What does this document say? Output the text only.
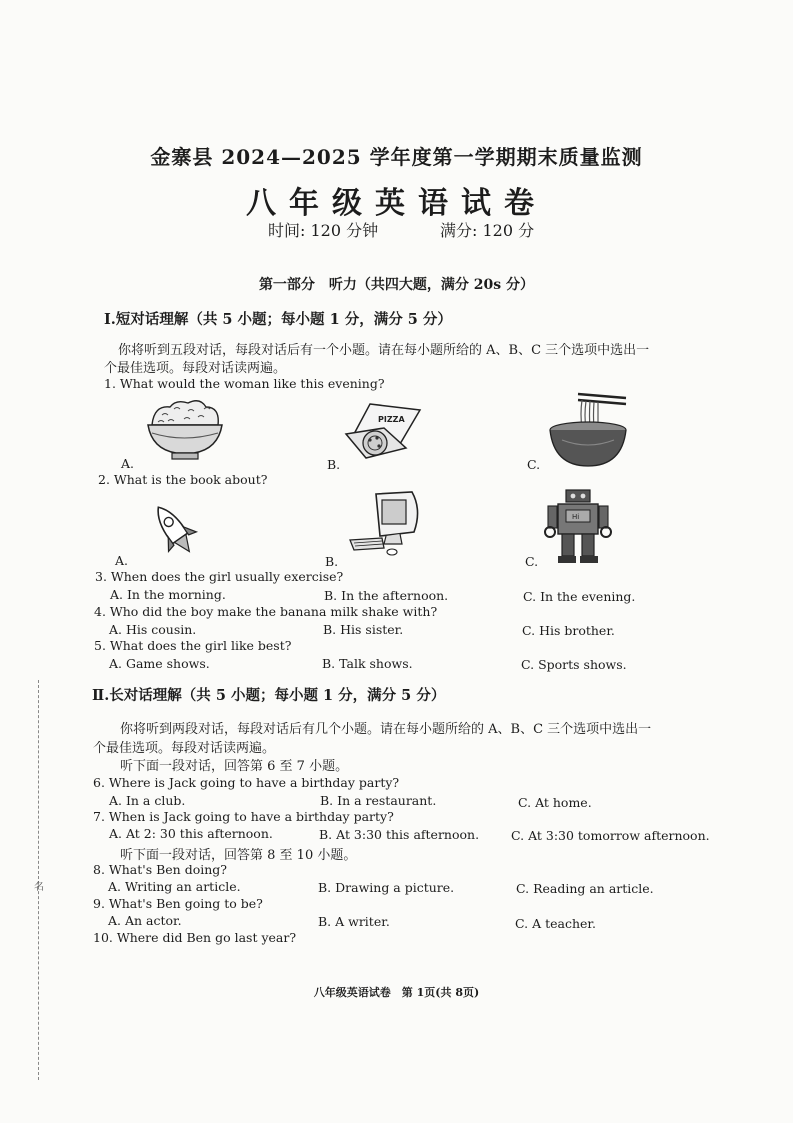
金寨县 2024—2025 学年度第一学期期末质量监测
八年级英语试卷
时间: 120 分钟	满分: 120 分
第一部分　听力（共四大题，满分 20s 分）
Ⅰ.短对话理解（共 5 小题；每小题 1 分，满分 5 分）
你将听到五段对话，每段对话后有一个小题。请在每小题所给的 A、B、C 三个选项中选出一
个最佳选项。每段对话读两遍。
1. What would the woman like this evening?
PIZZA
A.	B.	C.
2. What is the book about?
Hi
A.	B.	C.
3. When does the girl usually exercise?
A. In the morning.	B. In the afternoon.	C. In the evening.
4. Who did the boy make the banana milk shake with?
A. His cousin.	B. His sister.	C. His brother.
5. What does the girl like best?
A. Game shows.	B. Talk shows.	C. Sports shows.
Ⅱ.长对话理解（共 5 小题；每小题 1 分，满分 5 分）
你将听到两段对话，每段对话后有几个小题。请在每小题所给的 A、B、C 三个选项中选出一
个最佳选项。每段对话读两遍。
听下面一段对话，回答第 6 至 7 小题。
6. Where is Jack going to have a birthday party?
A. In a club.	B. In a restaurant.	C. At home.
7. When is Jack going to have a birthday party?
A. At 2: 30 this afternoon.	B. At 3:30 this afternoon.	C. At 3:30 tomorrow afternoon.
听下面一段对话，回答第 8 至 10 小题。
8. What's Ben doing?
A. Writing an article.	B. Drawing a picture.	C. Reading an article.
9. What's Ben going to be?
A. An actor.	B. A writer.	C. A teacher.
10. Where did Ben go last year?
八年级英语试卷　第 1页(共 8页)
名
